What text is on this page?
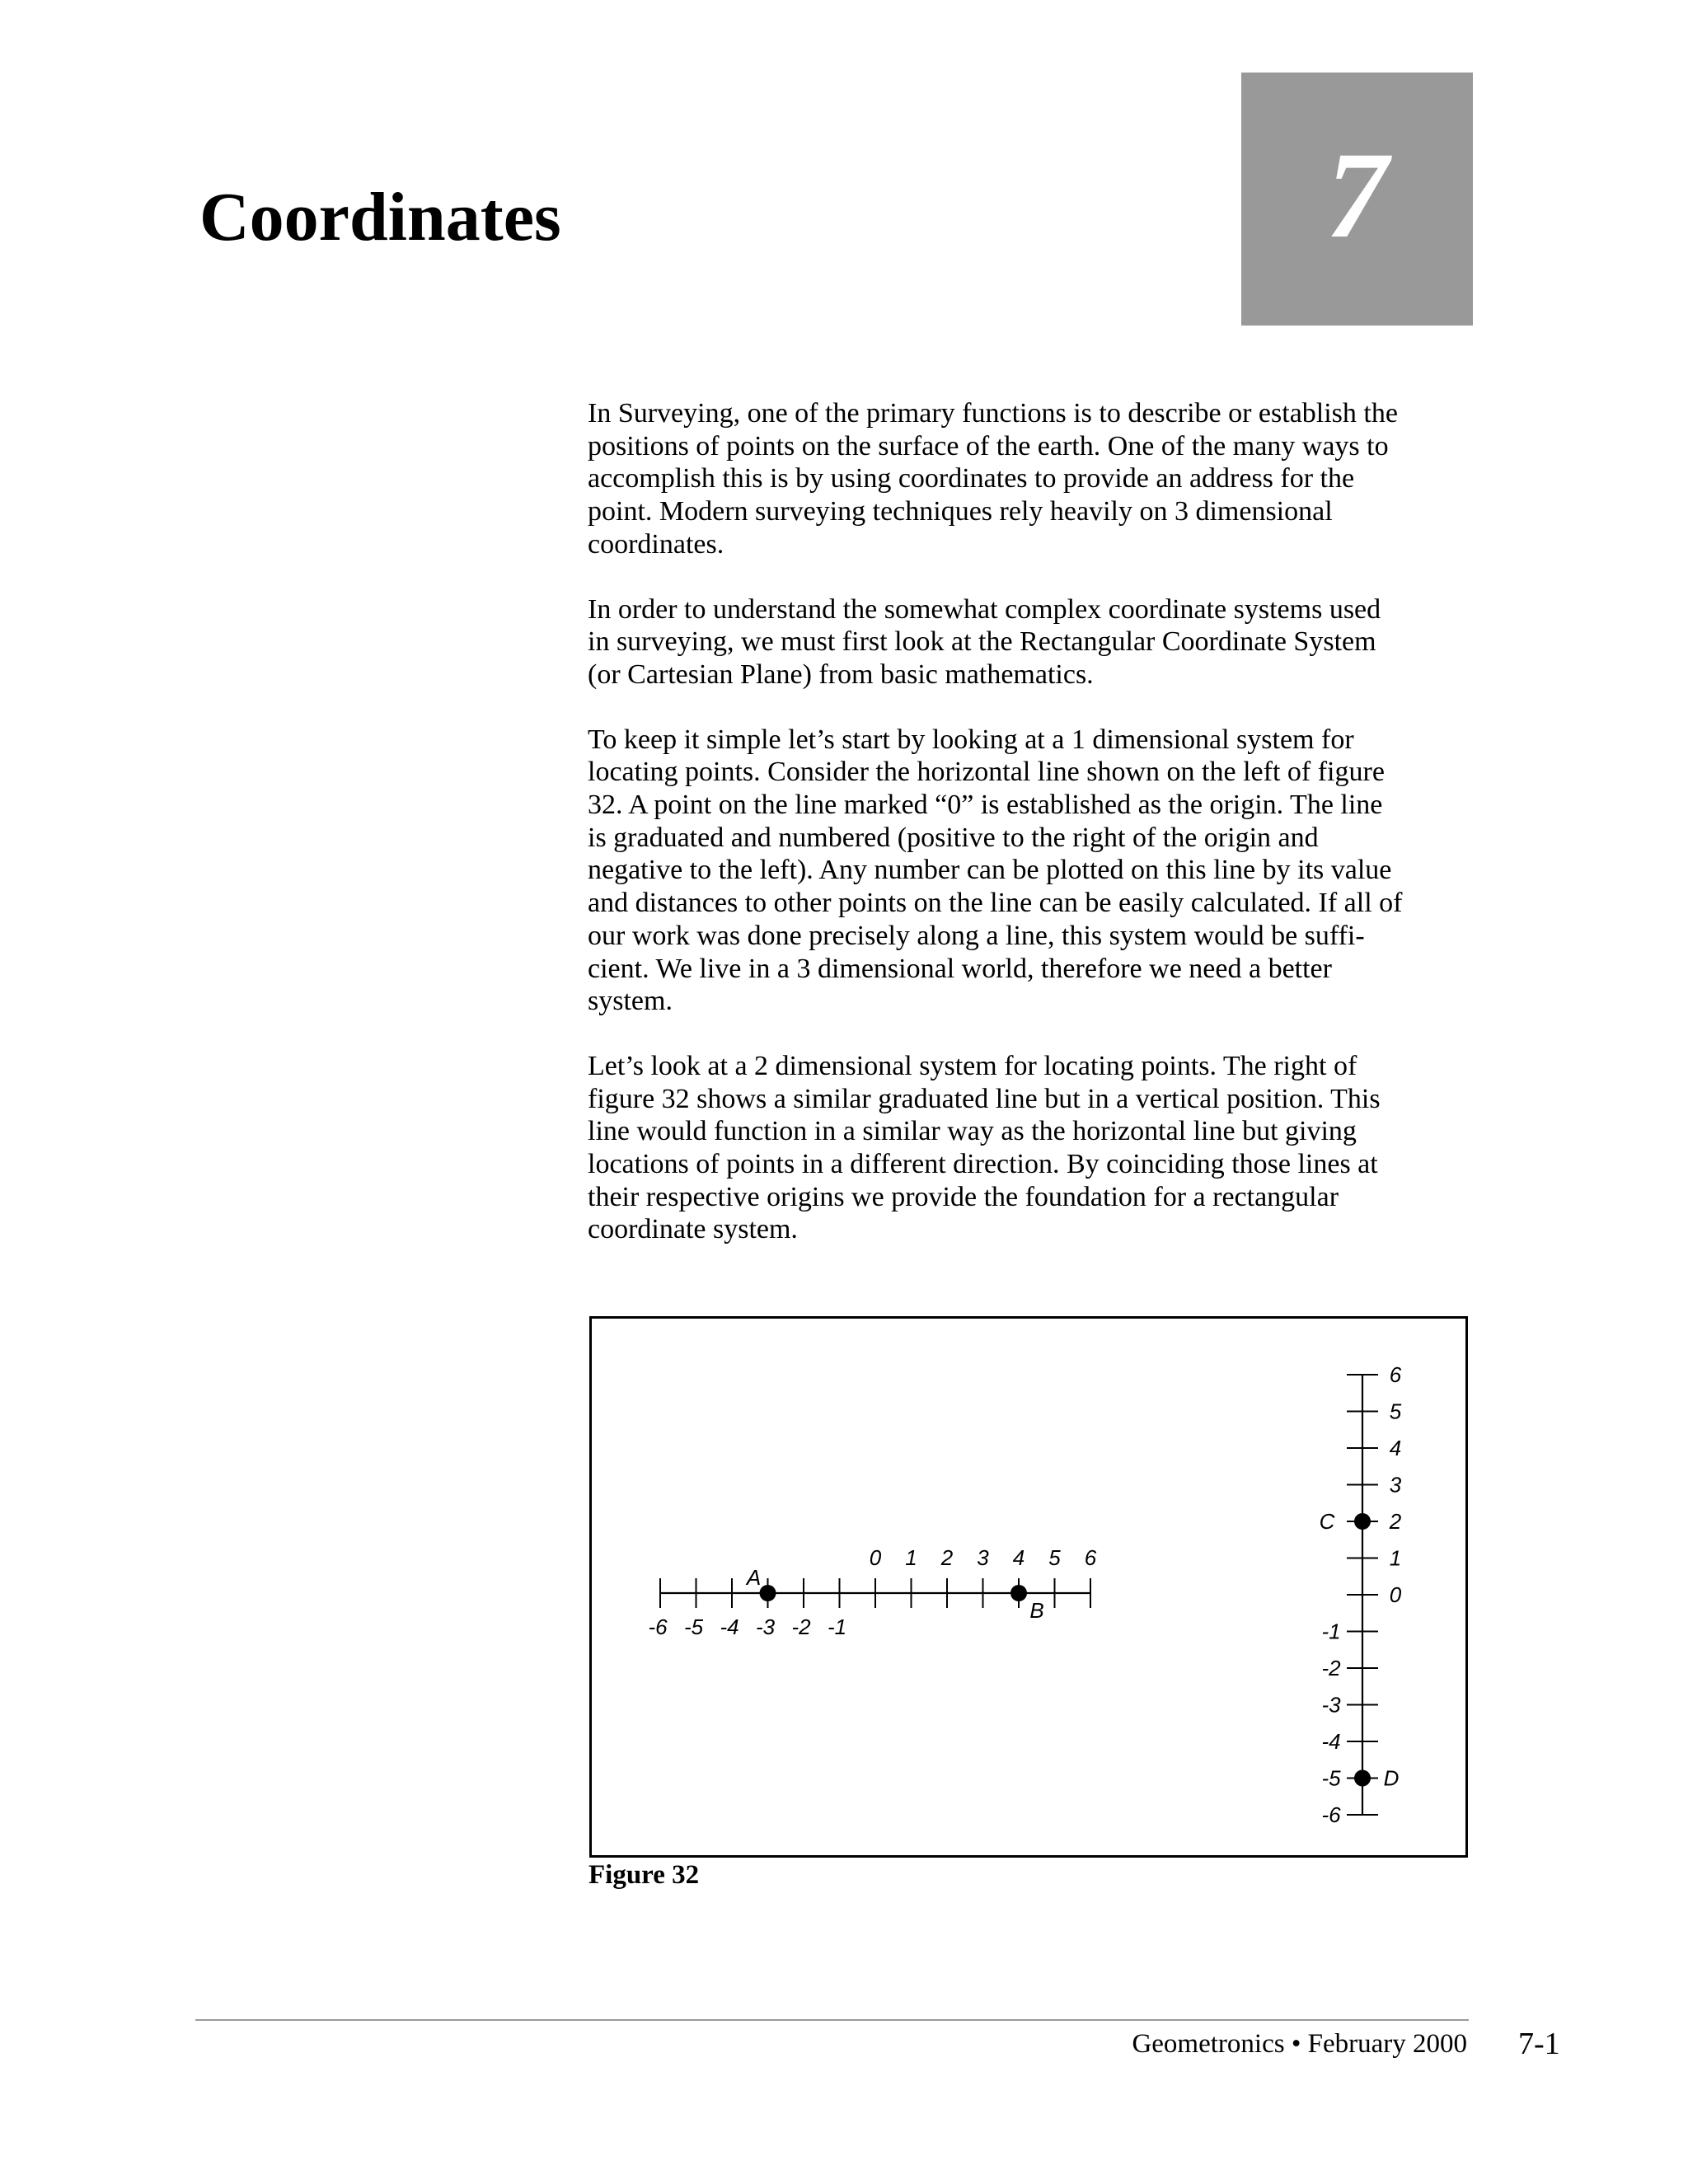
Coordinates	7

In Surveying, one of the primary functions is to describe or establish the
positions of points on the surface of the earth. One of the many ways to
accomplish this is by using coordinates to provide an address for the
point. Modern surveying techniques rely heavily on 3 dimensional
coordinates.

In order to understand the somewhat complex coordinate systems used
in surveying, we must first look at the Rectangular Coordinate System
(or Cartesian Plane) from basic mathematics.

To keep it simple let’s start by looking at a 1 dimensional system for
locating points. Consider the horizontal line shown on the left of figure
32. A point on the line marked “0” is established as the origin. The line
is graduated and numbered (positive to the right of the origin and
negative to the left). Any number can be plotted on this line by its value
and distances to other points on the line can be easily calculated. If all of
our work was done precisely along a line, this system would be suffi-
cient. We live in a 3 dimensional world, therefore we need a better
system.

Let’s look at a 2 dimensional system for locating points. The right of
figure 32 shows a similar graduated line but in a vertical position. This
line would function in a similar way as the horizontal line but giving
locations of points in a different direction. By coinciding those lines at
their respective origins we provide the foundation for a rectangular
coordinate system.

0 1 2 3 4 5 6
-6 -5 -4 -3 -2 -1
A
B
6
5
4
3
2
1
0
-1
-2
-3
-4
-5
-6
C
D
Figure 32
Geometronics • February 2000 7-1
